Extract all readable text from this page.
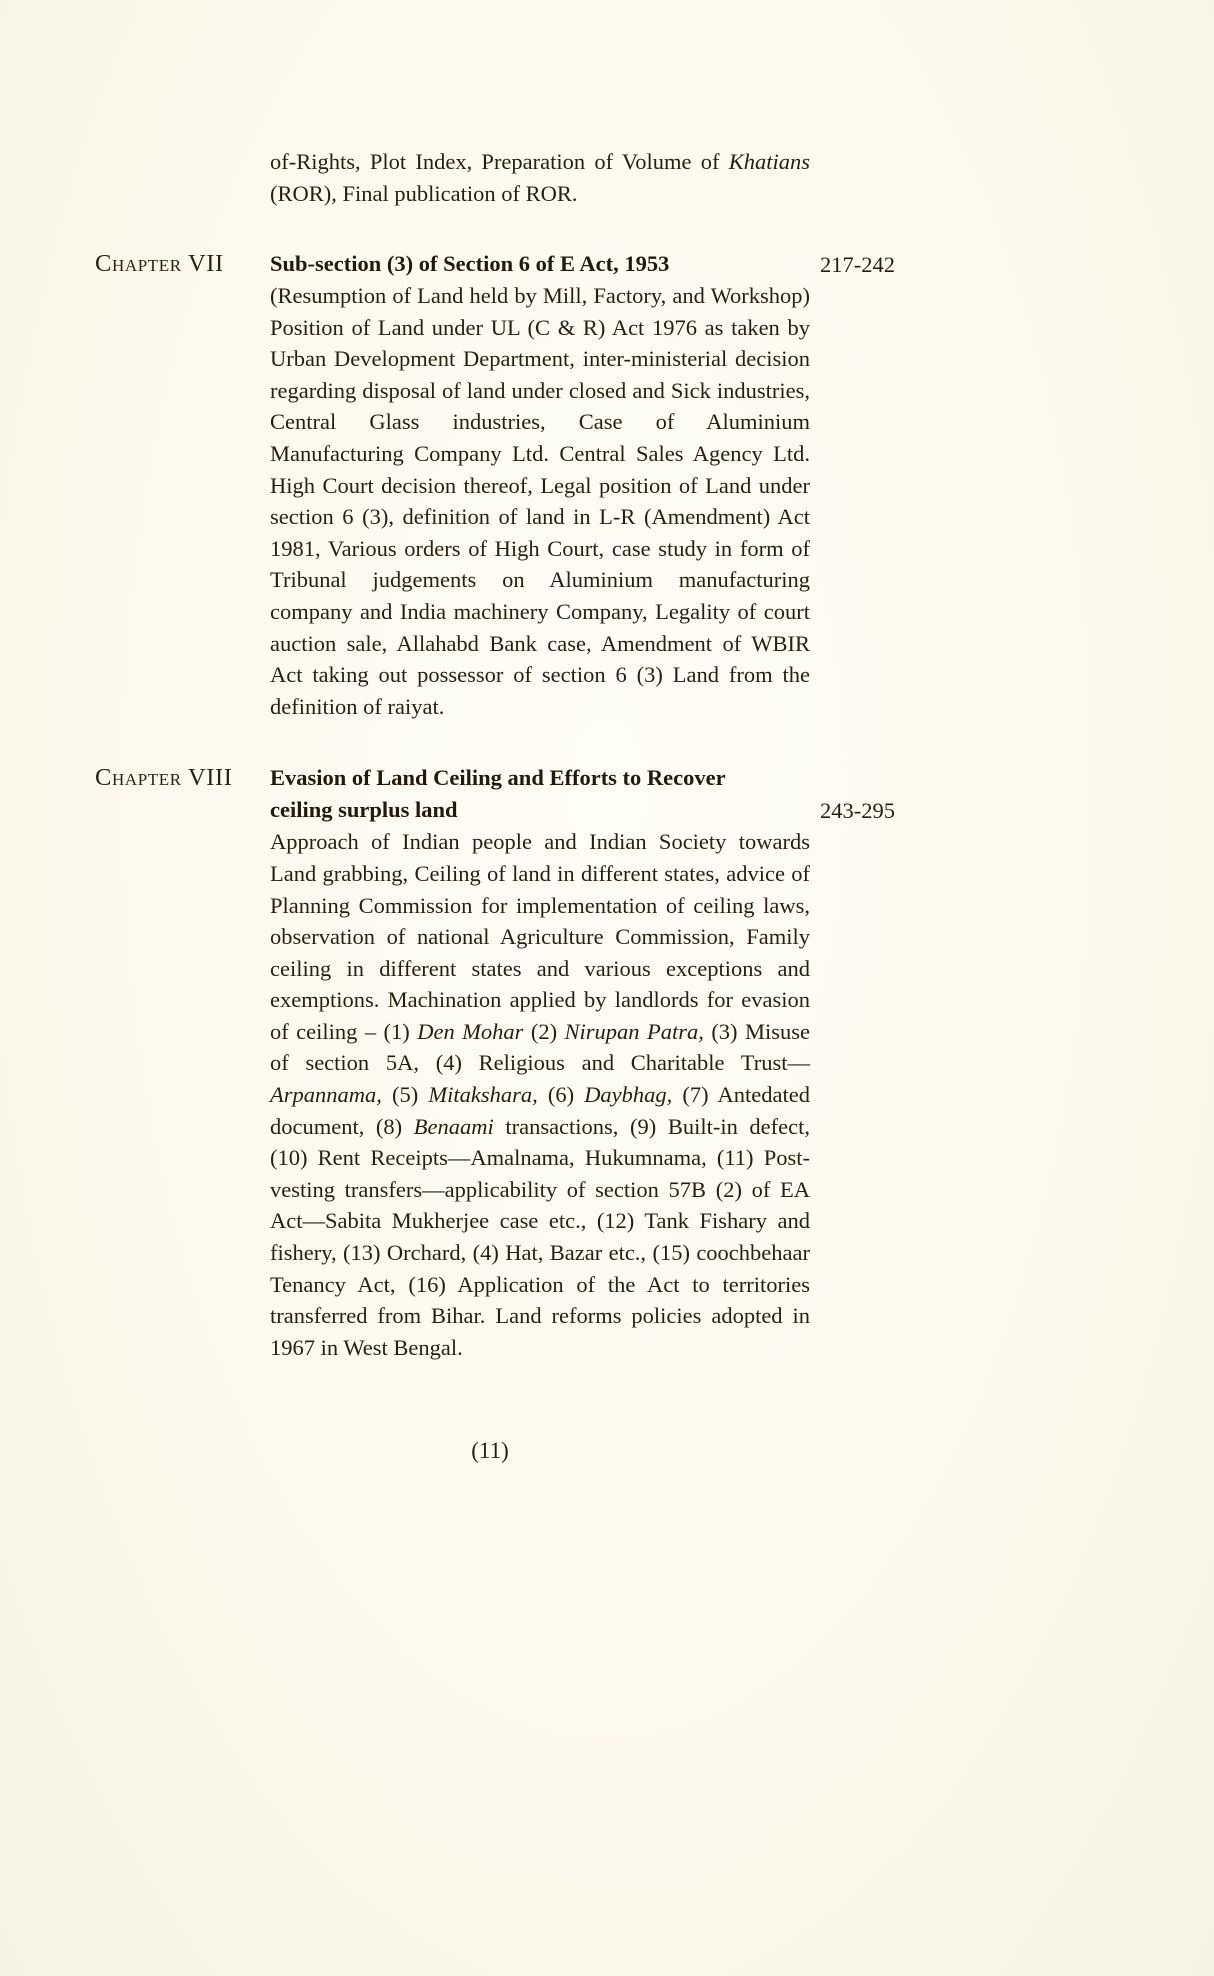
of-Rights, Plot Index, Preparation of Volume of Khatians (ROR), Final publication of ROR.
Chapter VII	Sub-section (3) of Section 6 of E Act, 1953
(Resumption of Land held by Mill, Factory, and Workshop) Position of Land under UL (C & R) Act 1976 as taken by Urban Development Department, inter-ministerial decision regarding disposal of land under closed and Sick industries, Central Glass industries, Case of Aluminium Manufacturing Company Ltd. Central Sales Agency Ltd. High Court decision thereof, Legal position of Land under section 6 (3), definition of land in L-R (Amendment) Act 1981, Various orders of High Court, case study in form of Tribunal judgements on Aluminium manufacturing company and India machinery Company, Legality of court auction sale, Allahabd Bank case, Amendment of WBIR Act taking out possessor of section 6 (3) Land from the definition of raiyat.
217-242
Chapter VIII	Evasion of Land Ceiling and Efforts to Recover
ceiling surplus land
Approach of Indian people and Indian Society towards Land grabbing, Ceiling of land in different states, advice of Planning Commission for implementation of ceiling laws, observation of national Agriculture Commission, Family ceiling in different states and various exceptions and exemptions. Machination applied by landlords for evasion of ceiling – (1) Den Mohar (2) Nirupan Patra, (3) Misuse of section 5A, (4) Religious and Charitable Trust—Arpannama, (5) Mitakshara, (6) Daybhag, (7) Antedated document, (8) Benaami transactions, (9) Built-in defect, (10) Rent Receipts—Amalnama, Hukumnama, (11) Post-vesting transfers—applicability of section 57B (2) of EA Act—Sabita Mukherjee case etc., (12) Tank Fishary and fishery, (13) Orchard, (4) Hat, Bazar etc., (15) coochbehaar Tenancy Act, (16) Application of the Act to territories transferred from Bihar. Land reforms policies adopted in 1967 in West Bengal.
243-295
(11)
